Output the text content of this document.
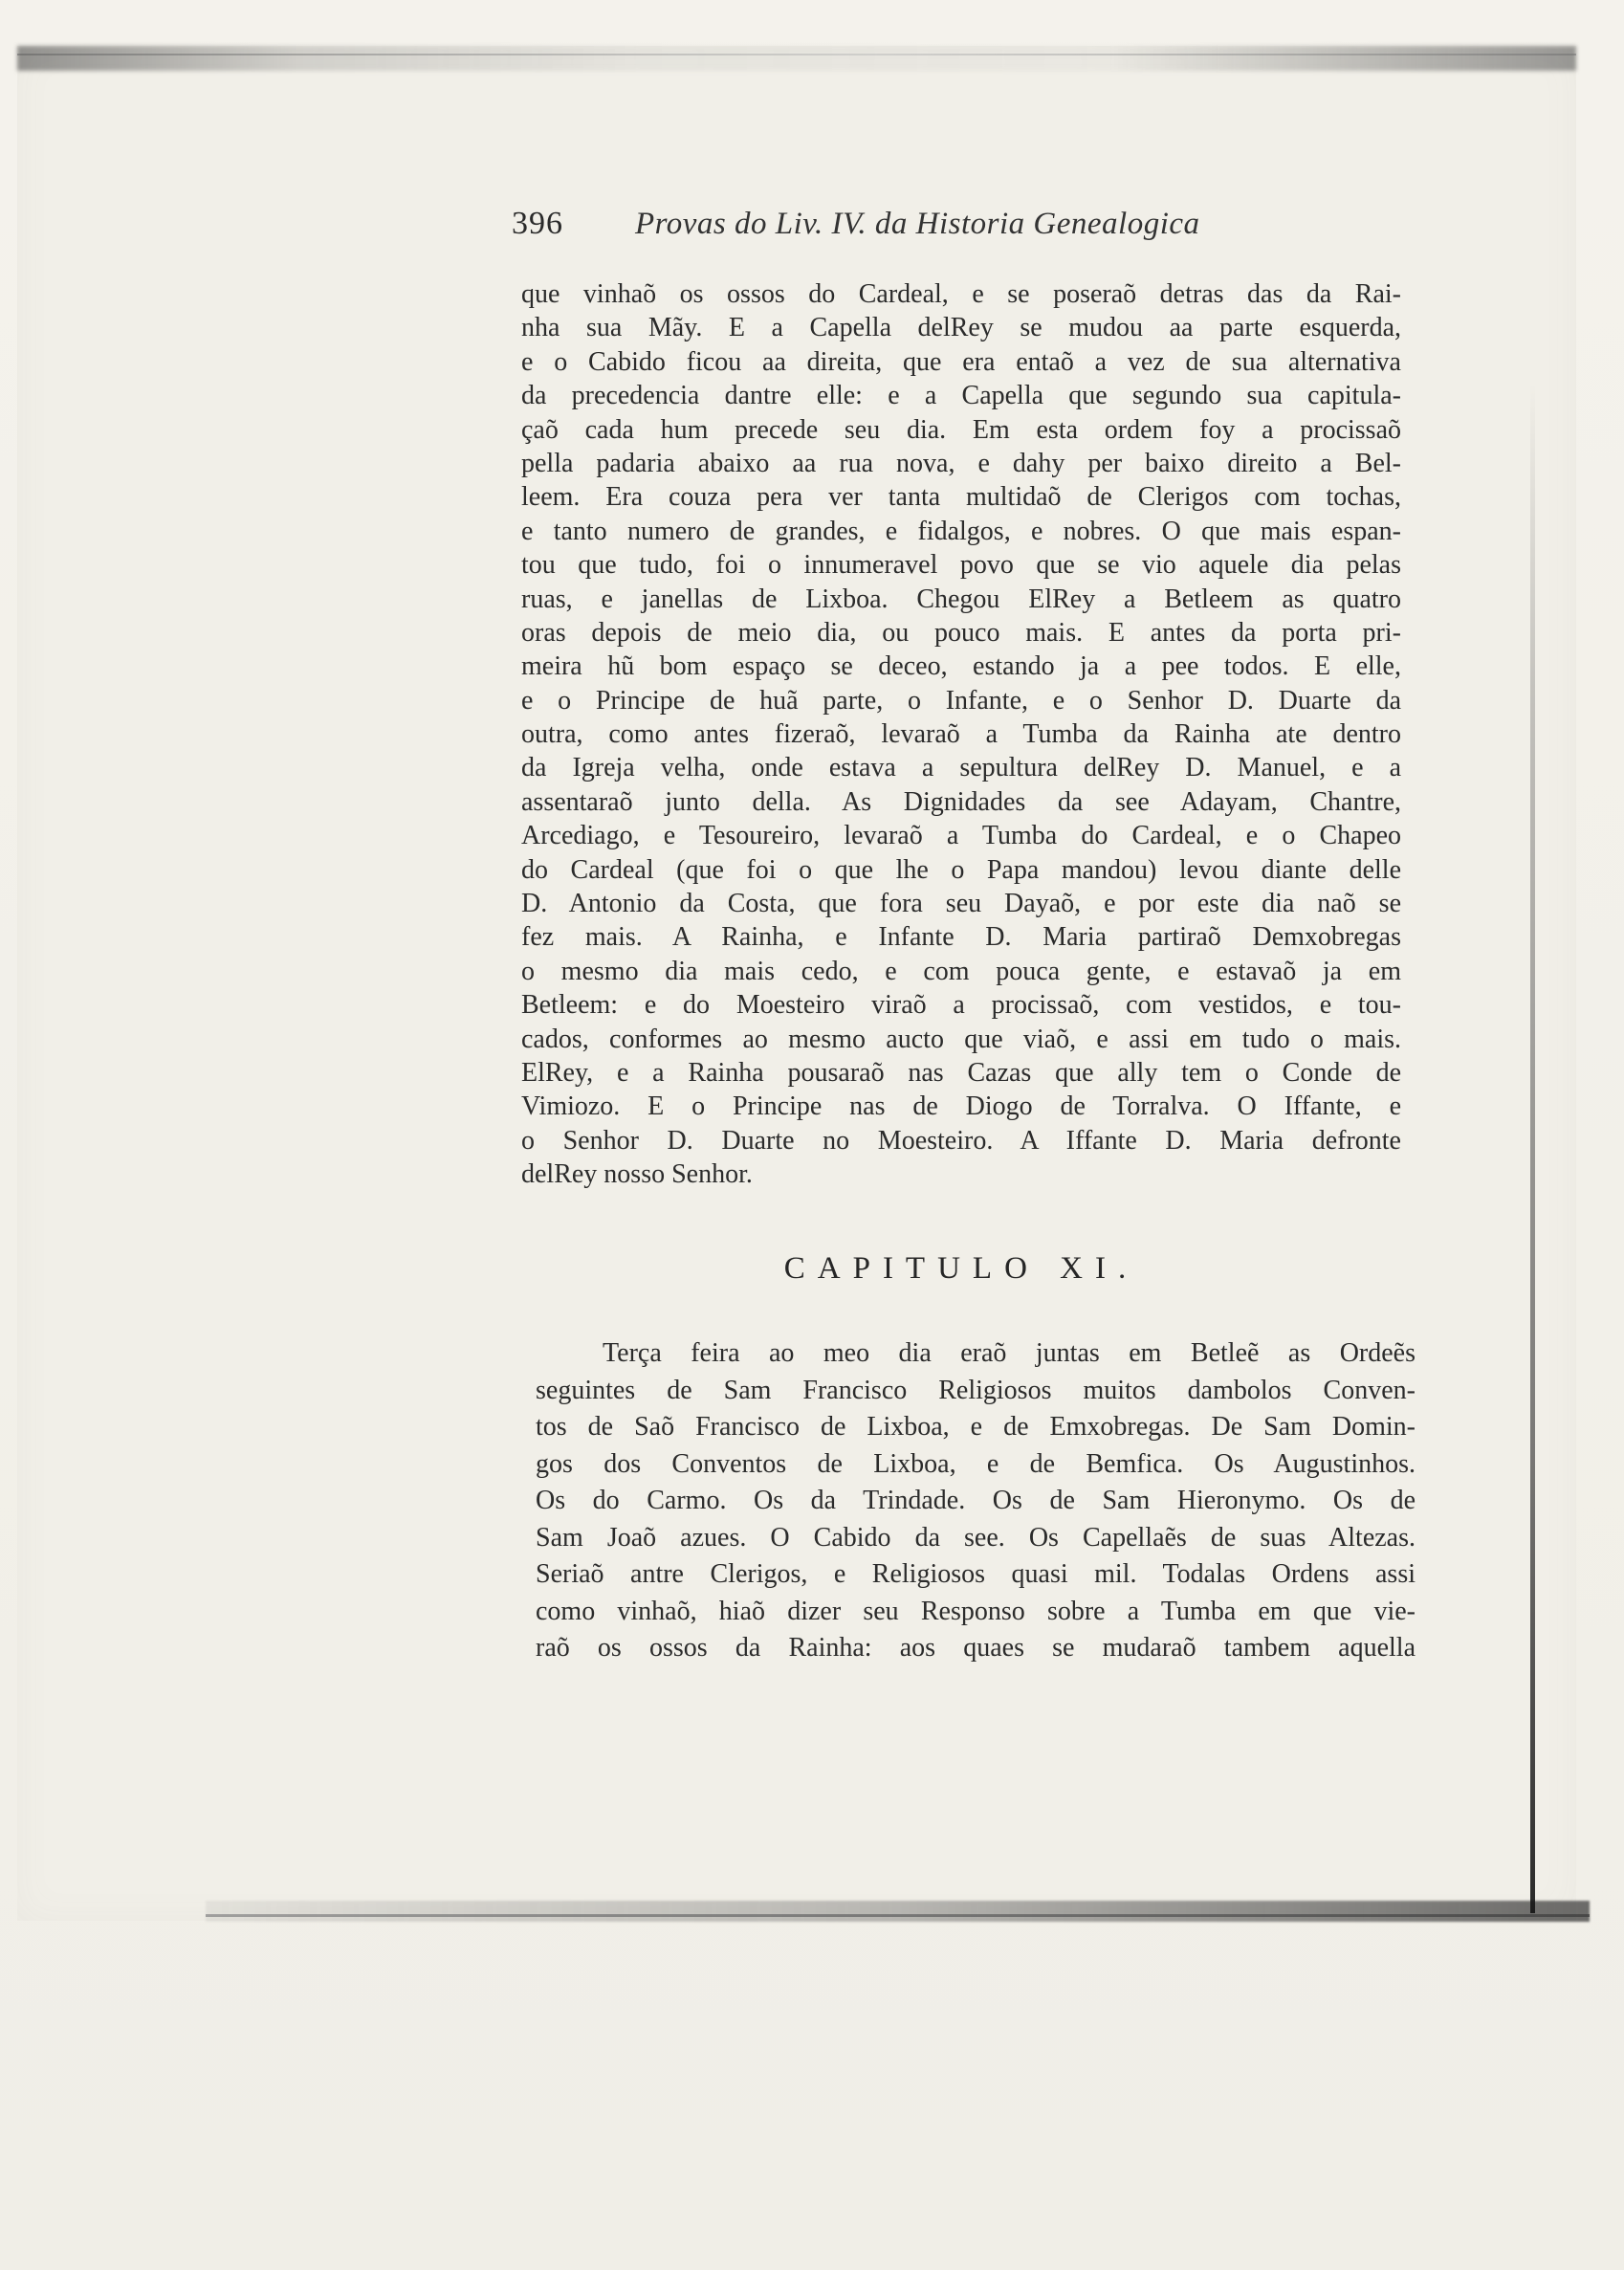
396 Provas do Liv. IV. da Historia Genealogica
que vinhaõ os ossos do Cardeal, e se poseraõ detras das da Rai-
nha sua Mãy. E a Capella delRey se mudou aa parte esquerda,
e o Cabido ficou aa direita, que era entaõ a vez de sua alternativa
da precedencia dantre elle: e a Capella que segundo sua capitula-
çaõ cada hum precede seu dia. Em esta ordem foy a procissaõ
pella padaria abaixo aa rua nova, e dahy per baixo direito a Bel-
leem. Era couza pera ver tanta multidaõ de Clerigos com tochas,
e tanto numero de grandes, e fidalgos, e nobres. O que mais espan-
tou que tudo, foi o innumeravel povo que se vio aquele dia pelas
ruas, e janellas de Lixboa. Chegou ElRey a Betleem as quatro
oras depois de meio dia, ou pouco mais. E antes da porta pri-
meira hũ bom espaço se deceo, estando ja a pee todos. E elle,
e o Principe de huã parte, o Infante, e o Senhor D. Duarte da
outra, como antes fizeraõ, levaraõ a Tumba da Rainha ate dentro
da Igreja velha, onde estava a sepultura delRey D. Manuel, e a
assentaraõ junto della. As Dignidades da see Adayam, Chantre,
Arcediago, e Tesoureiro, levaraõ a Tumba do Cardeal, e o Chapeo
do Cardeal (que foi o que lhe o Papa mandou) levou diante delle
D. Antonio da Costa, que fora seu Dayaõ, e por este dia naõ se
fez mais. A Rainha, e Infante D. Maria partiraõ Demxobregas
o mesmo dia mais cedo, e com pouca gente, e estavaõ ja em
Betleem: e do Moesteiro viraõ a procissaõ, com vestidos, e tou-
cados, conformes ao mesmo aucto que viaõ, e assi em tudo o mais.
ElRey, e a Rainha pousaraõ nas Cazas que ally tem o Conde de
Vimiozo. E o Principe nas de Diogo de Torralva. O Iffante, e
o Senhor D. Duarte no Moesteiro. A Iffante D. Maria defronte
delRey nosso Senhor.
CAPITULO XI.
Terça feira ao meo dia eraõ juntas em Betleẽ as Ordeẽs
seguintes de Sam Francisco Religiosos muitos dambolos Conven-
tos de Saõ Francisco de Lixboa, e de Emxobregas. De Sam Domin-
gos dos Conventos de Lixboa, e de Bemfica. Os Augustinhos.
Os do Carmo. Os da Trindade. Os de Sam Hieronymo. Os de
Sam Joaõ azues. O Cabido da see. Os Capellaẽs de suas Altezas.
Seriaõ antre Clerigos, e Religiosos quasi mil. Todalas Ordens assi
como vinhaõ, hiaõ dizer seu Responso sobre a Tumba em que vie-
raõ os ossos da Rainha: aos quaes se mudaraõ tambem aquella
